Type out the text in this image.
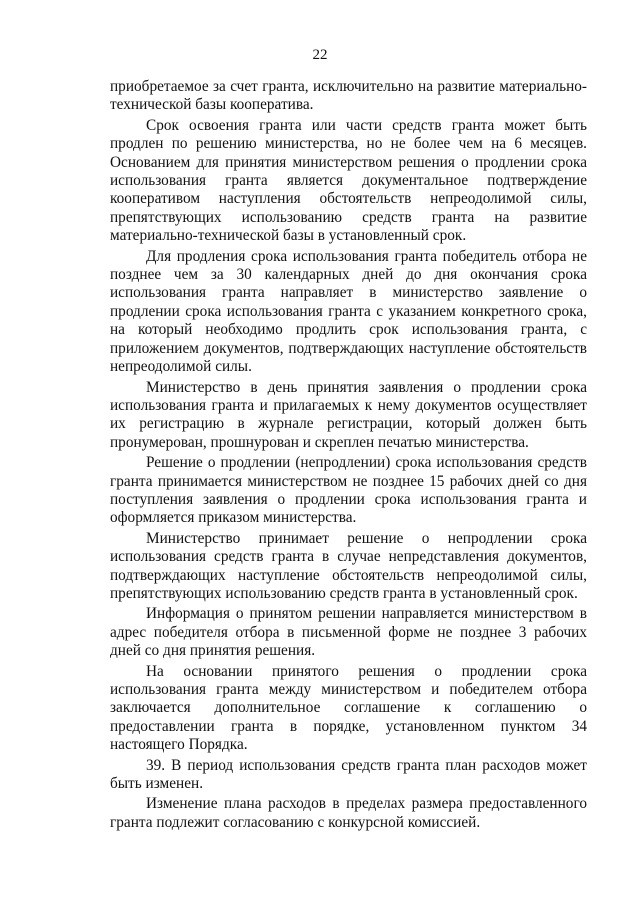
22

приобретаемое за счет гранта, исключительно на развитие материально-технической базы кооператива.

Срок освоения гранта или части средств гранта может быть продлен по решению министерства, но не более чем на 6 месяцев. Основанием для принятия министерством решения о продлении срока использования гранта является документальное подтверждение кооперативом наступления обстоятельств непреодолимой силы, препятствующих использованию средств гранта на развитие материально-технической базы в установленный срок.

Для продления срока использования гранта победитель отбора не позднее чем за 30 календарных дней до дня окончания срока использования гранта направляет в министерство заявление о продлении срока использования гранта с указанием конкретного срока, на который необходимо продлить срок использования гранта, с приложением документов, подтверждающих наступление обстоятельств непреодолимой силы.

Министерство в день принятия заявления о продлении срока использования гранта и прилагаемых к нему документов осуществляет их регистрацию в журнале регистрации, который должен быть пронумерован, прошнурован и скреплен печатью министерства.

Решение о продлении (непродлении) срока использования средств гранта принимается министерством не позднее 15 рабочих дней со дня поступления заявления о продлении срока использования гранта и оформляется приказом министерства.

Министерство принимает решение о непродлении срока использования средств гранта в случае непредставления документов, подтверждающих наступление обстоятельств непреодолимой силы, препятствующих использованию средств гранта в установленный срок.

Информация о принятом решении направляется министерством в адрес победителя отбора в письменной форме не позднее 3 рабочих дней со дня принятия решения.

На основании принятого решения о продлении срока использования гранта между министерством и победителем отбора заключается дополнительное соглашение к соглашению о предоставлении гранта в порядке, установленном пунктом 34 настоящего Порядка.

39. В период использования средств гранта план расходов может быть изменен.

Изменение плана расходов в пределах размера предоставленного гранта подлежит согласованию с конкурсной комиссией.
